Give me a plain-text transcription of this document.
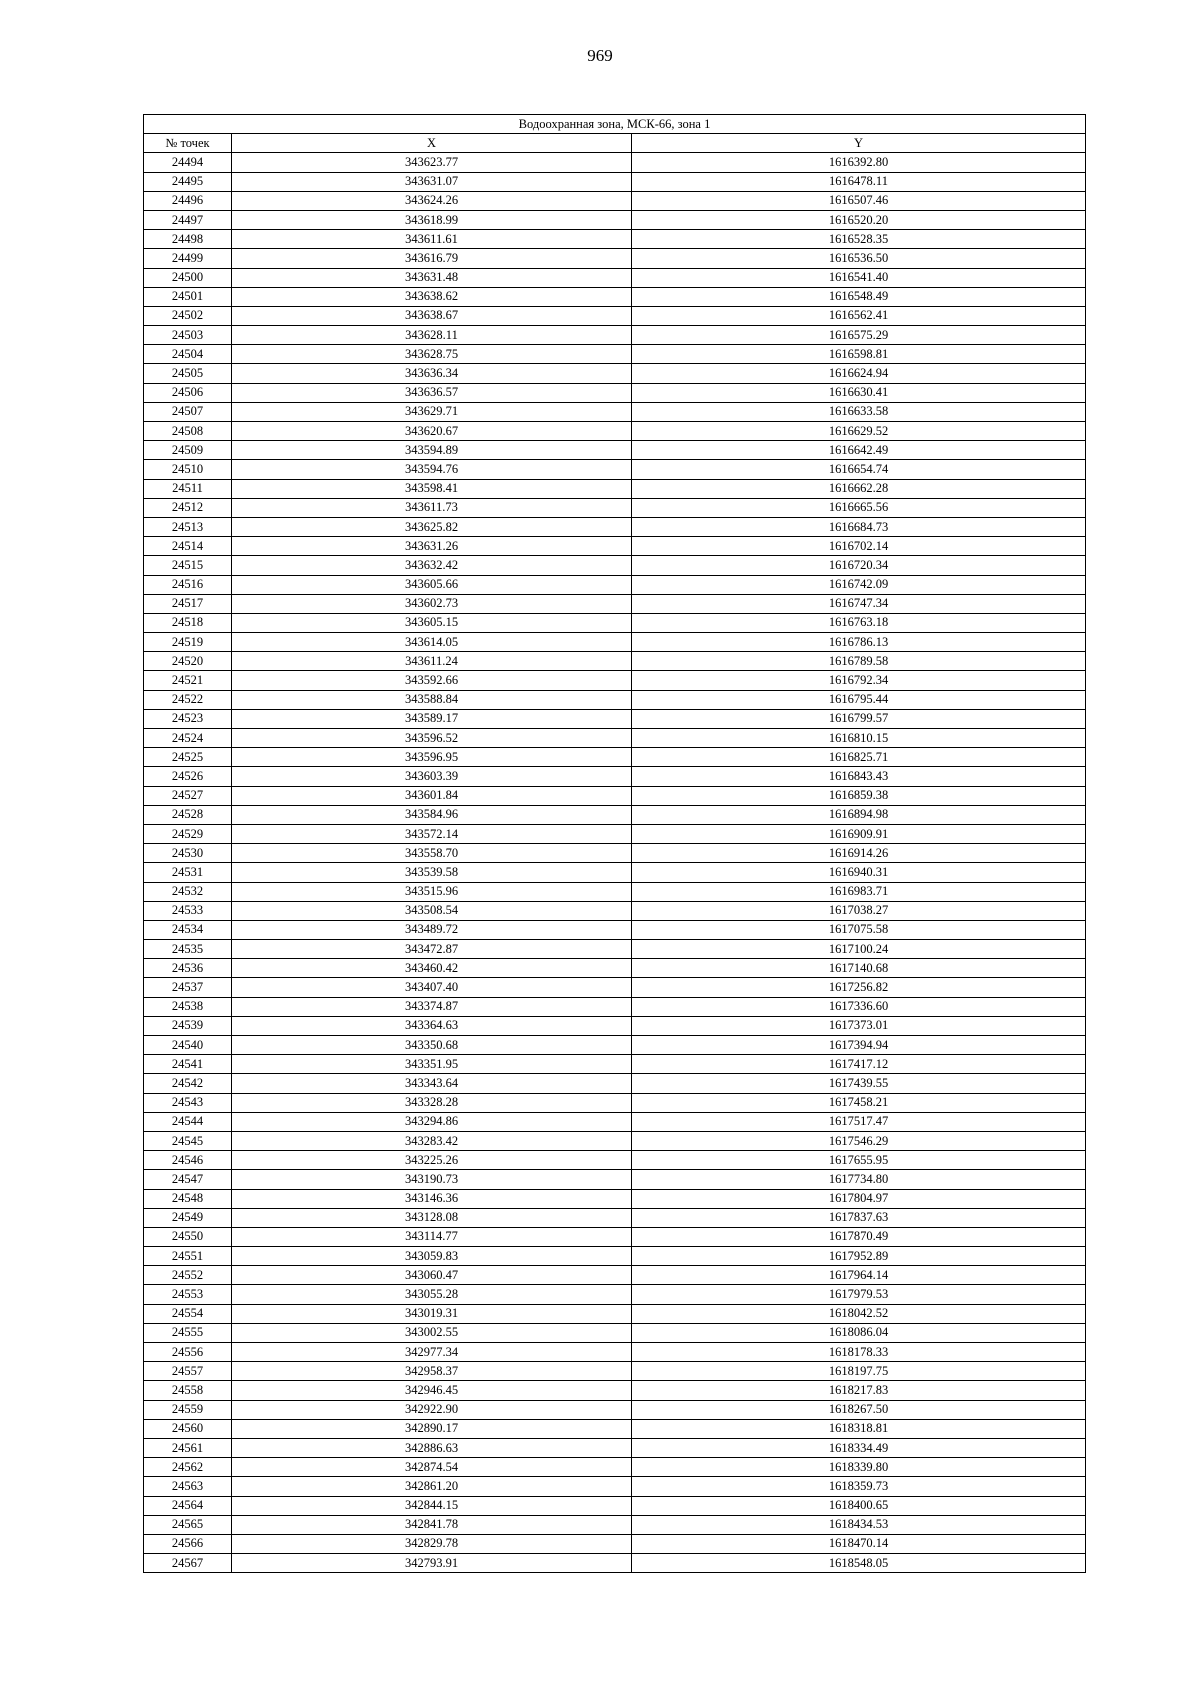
969
Водоохранная зона, МСК-66, зона 1		
№ точек	X	Y
24494	343623.77	1616392.80
24495	343631.07	1616478.11
24496	343624.26	1616507.46
24497	343618.99	1616520.20
24498	343611.61	1616528.35
24499	343616.79	1616536.50
24500	343631.48	1616541.40
24501	343638.62	1616548.49
24502	343638.67	1616562.41
24503	343628.11	1616575.29
24504	343628.75	1616598.81
24505	343636.34	1616624.94
24506	343636.57	1616630.41
24507	343629.71	1616633.58
24508	343620.67	1616629.52
24509	343594.89	1616642.49
24510	343594.76	1616654.74
24511	343598.41	1616662.28
24512	343611.73	1616665.56
24513	343625.82	1616684.73
24514	343631.26	1616702.14
24515	343632.42	1616720.34
24516	343605.66	1616742.09
24517	343602.73	1616747.34
24518	343605.15	1616763.18
24519	343614.05	1616786.13
24520	343611.24	1616789.58
24521	343592.66	1616792.34
24522	343588.84	1616795.44
24523	343589.17	1616799.57
24524	343596.52	1616810.15
24525	343596.95	1616825.71
24526	343603.39	1616843.43
24527	343601.84	1616859.38
24528	343584.96	1616894.98
24529	343572.14	1616909.91
24530	343558.70	1616914.26
24531	343539.58	1616940.31
24532	343515.96	1616983.71
24533	343508.54	1617038.27
24534	343489.72	1617075.58
24535	343472.87	1617100.24
24536	343460.42	1617140.68
24537	343407.40	1617256.82
24538	343374.87	1617336.60
24539	343364.63	1617373.01
24540	343350.68	1617394.94
24541	343351.95	1617417.12
24542	343343.64	1617439.55
24543	343328.28	1617458.21
24544	343294.86	1617517.47
24545	343283.42	1617546.29
24546	343225.26	1617655.95
24547	343190.73	1617734.80
24548	343146.36	1617804.97
24549	343128.08	1617837.63
24550	343114.77	1617870.49
24551	343059.83	1617952.89
24552	343060.47	1617964.14
24553	343055.28	1617979.53
24554	343019.31	1618042.52
24555	343002.55	1618086.04
24556	342977.34	1618178.33
24557	342958.37	1618197.75
24558	342946.45	1618217.83
24559	342922.90	1618267.50
24560	342890.17	1618318.81
24561	342886.63	1618334.49
24562	342874.54	1618339.80
24563	342861.20	1618359.73
24564	342844.15	1618400.65
24565	342841.78	1618434.53
24566	342829.78	1618470.14
24567	342793.91	1618548.05
